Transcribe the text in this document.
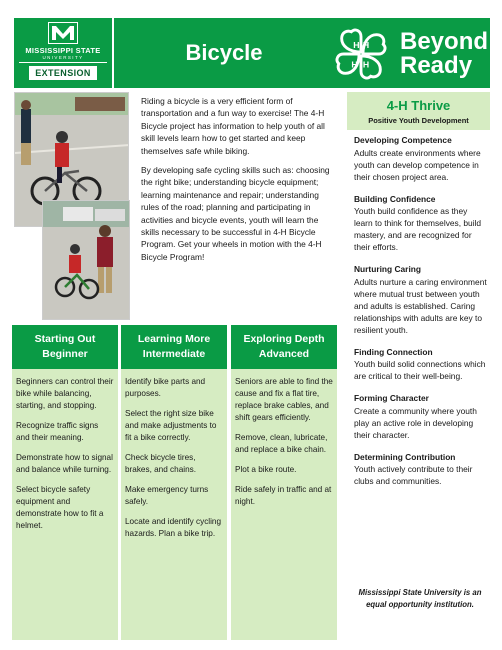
MISSISSIPPI STATE
UNIVERSITY
EXTENSION
Bicycle	H H
H
H
Beyond
Ready

Riding a bicycle is a very efficient form of transportation and a fun way to exercise! The 4-H Bicycle project has information to help youth of all skill levels learn how to get started and keep themselves safe while biking.

By developing safe cycling skills such as: choosing the right bike; understanding bicycle equipment; learning maintenance and repair; understanding rules of the road; planning and participating in activities and bicycle events, youth will learn the skills necessary to be successful in 4-H Bicycle Program. Get your wheels in motion with the 4-H Bicycle Program!

4-H Thrive
Positive Youth Development
Developing Competence
Adults create environments where youth can develop competence in their chosen project area.
Building Confidence
Youth build confidence as they learn to think for themselves, build mastery, and are recognized for their efforts.
Nurturing Caring
Adults nurture a caring environment where mutual trust between youth and adults is established. Caring relationships with adults are key to resilient youth.
Finding Connection
Youth build solid connections which are critical to their well-being.
Forming Character
Create a community where youth play an active role in developing their character.
Determining Contribution
Youth actively contribute to their clubs and communities.
Mississippi State University is an equal opportunity institution.
Starting Out
Beginner

Beginners can control their bike while balancing, starting, and stopping.

Recognize traffic signs and their meaning.

Demonstrate how to signal and balance while turning.

Select bicycle safety equipment and demonstrate how to fit a helmet.

Learning More
Intermediate

Identify bike parts and purposes.

Select the right size bike and make adjustments to fit a bike correctly.

Check bicycle tires, brakes, and chains.

Make emergency turns safely.

Locate and identify cycling hazards. Plan a bike trip.

Exploring Depth
Advanced

Seniors are able to find the cause and fix a flat tire, replace brake cables, and shift gears efficiently.

Remove, clean, lubricate, and replace a bike chain.

Plot a bike route.

Ride safely in traffic and at night.
